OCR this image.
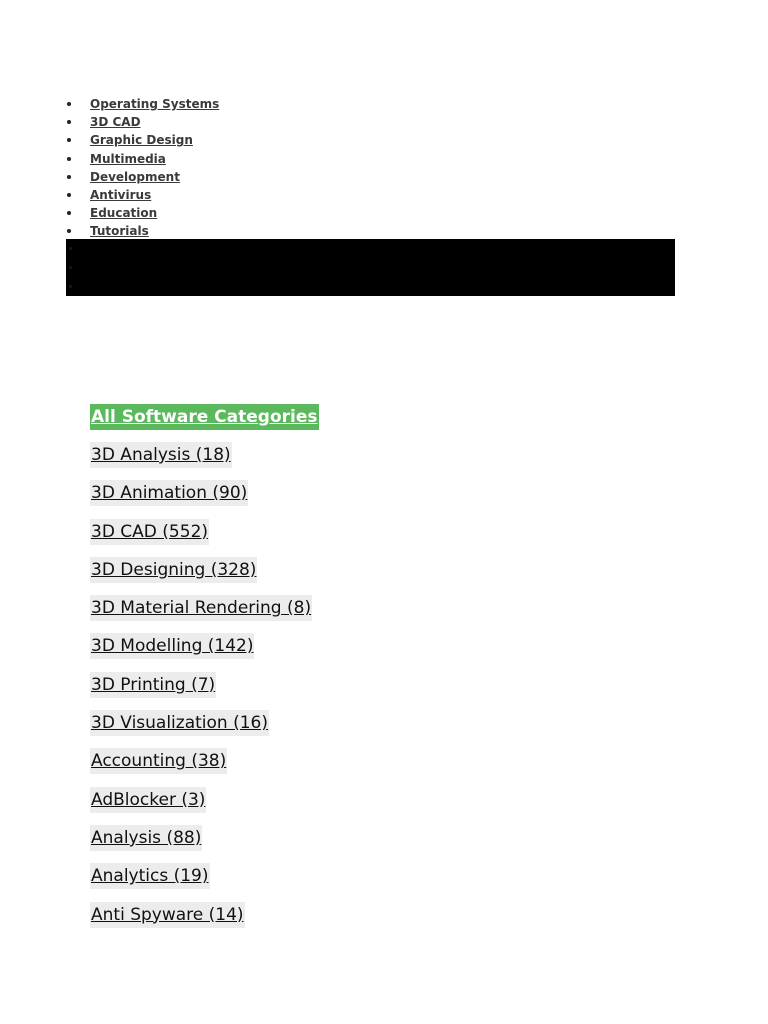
Operating Systems
3D CAD
Graphic Design
Multimedia
Development
Antivirus
Education
Tutorials
All Software Categories
3D Analysis (18)
3D Animation (90)
3D CAD (552)
3D Designing (328)
3D Material Rendering (8)
3D Modelling (142)
3D Printing (7)
3D Visualization (16)
Accounting (38)
AdBlocker (3)
Analysis (88)
Analytics (19)
Anti Spyware (14)
